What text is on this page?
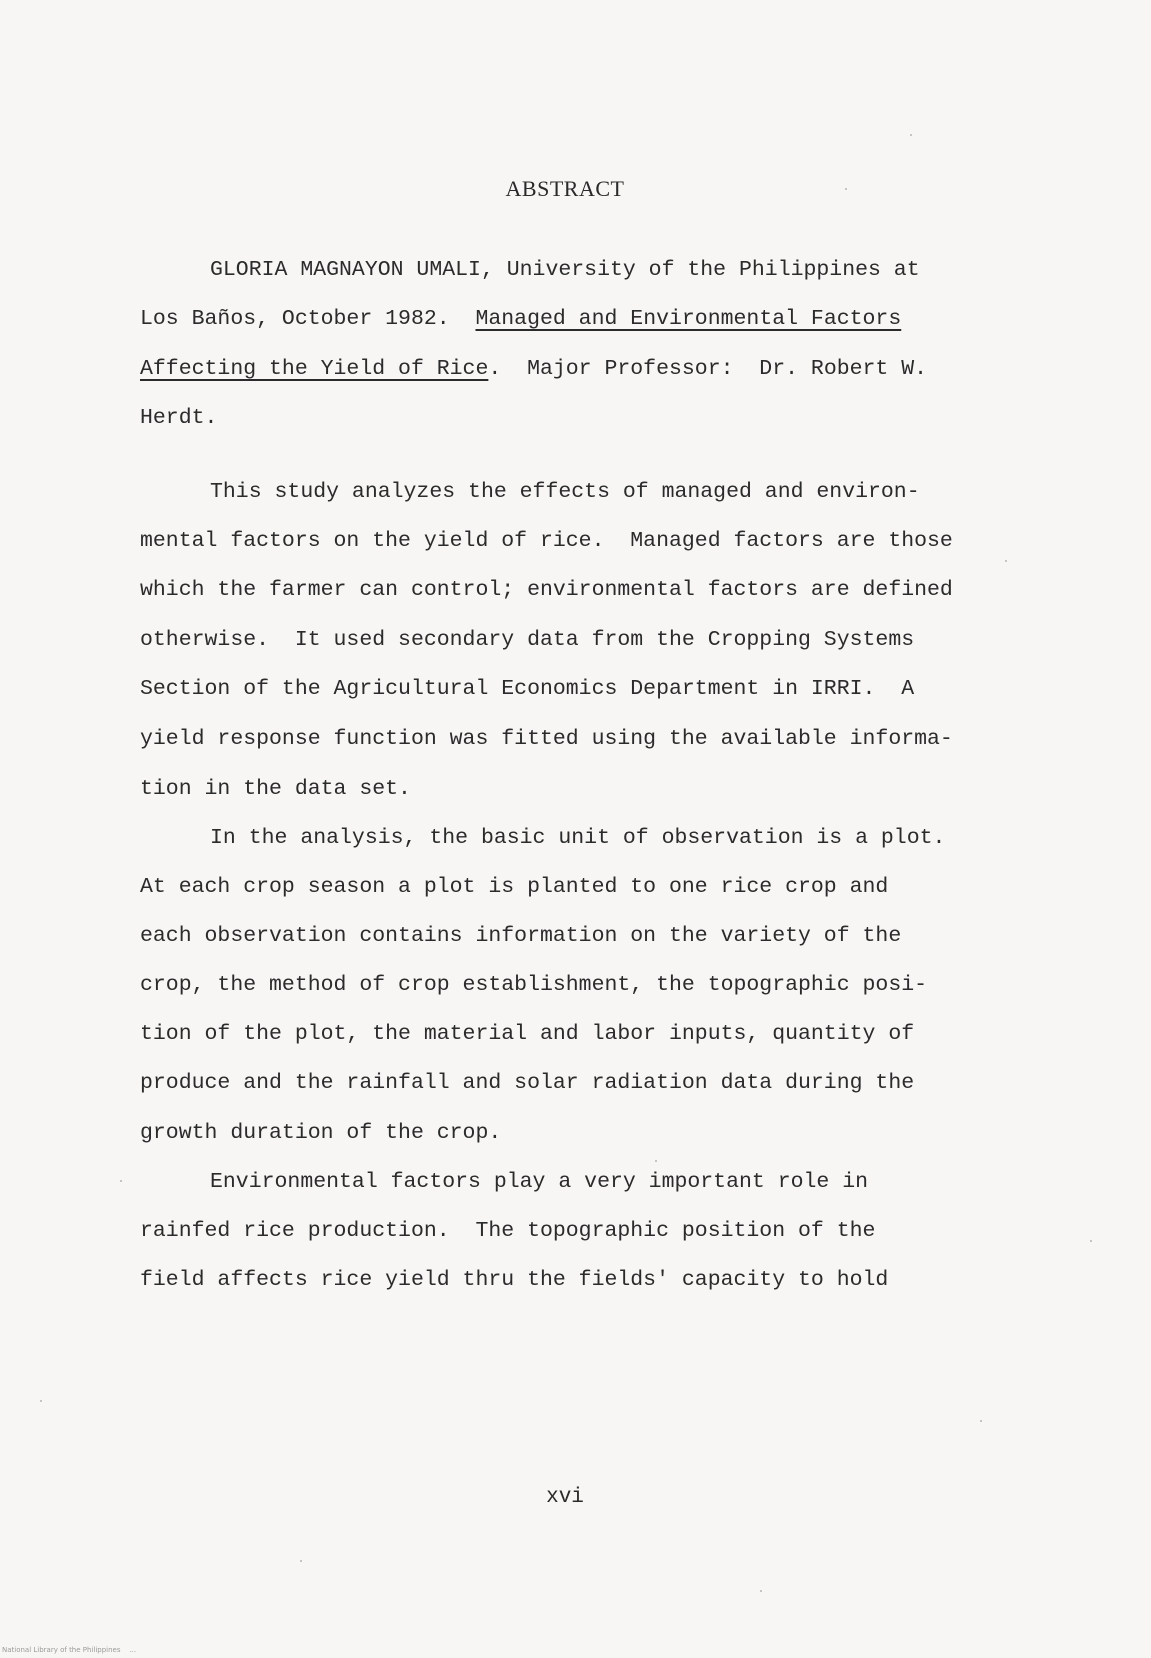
ABSTRACT
GLORIA MAGNAYON UMALI, University of the Philippines at
Los Baños, October 1982.  Managed and Environmental Factors
Affecting the Yield of Rice.  Major Professor:  Dr. Robert W.
Herdt.
This study analyzes the effects of managed and environ-
mental factors on the yield of rice.  Managed factors are those
which the farmer can control; environmental factors are defined
otherwise.  It used secondary data from the Cropping Systems
Section of the Agricultural Economics Department in IRRI.  A
yield response function was fitted using the available informa-
tion in the data set.
In the analysis, the basic unit of observation is a plot.
At each crop season a plot is planted to one rice crop and
each observation contains information on the variety of the
crop, the method of crop establishment, the topographic posi-
tion of the plot, the material and labor inputs, quantity of
produce and the rainfall and solar radiation data during the
growth duration of the crop.
Environmental factors play a very important role in
rainfed rice production.  The topographic position of the
field affects rice yield thru the fields' capacity to hold
xvi
National Library of the Philippines    ...
